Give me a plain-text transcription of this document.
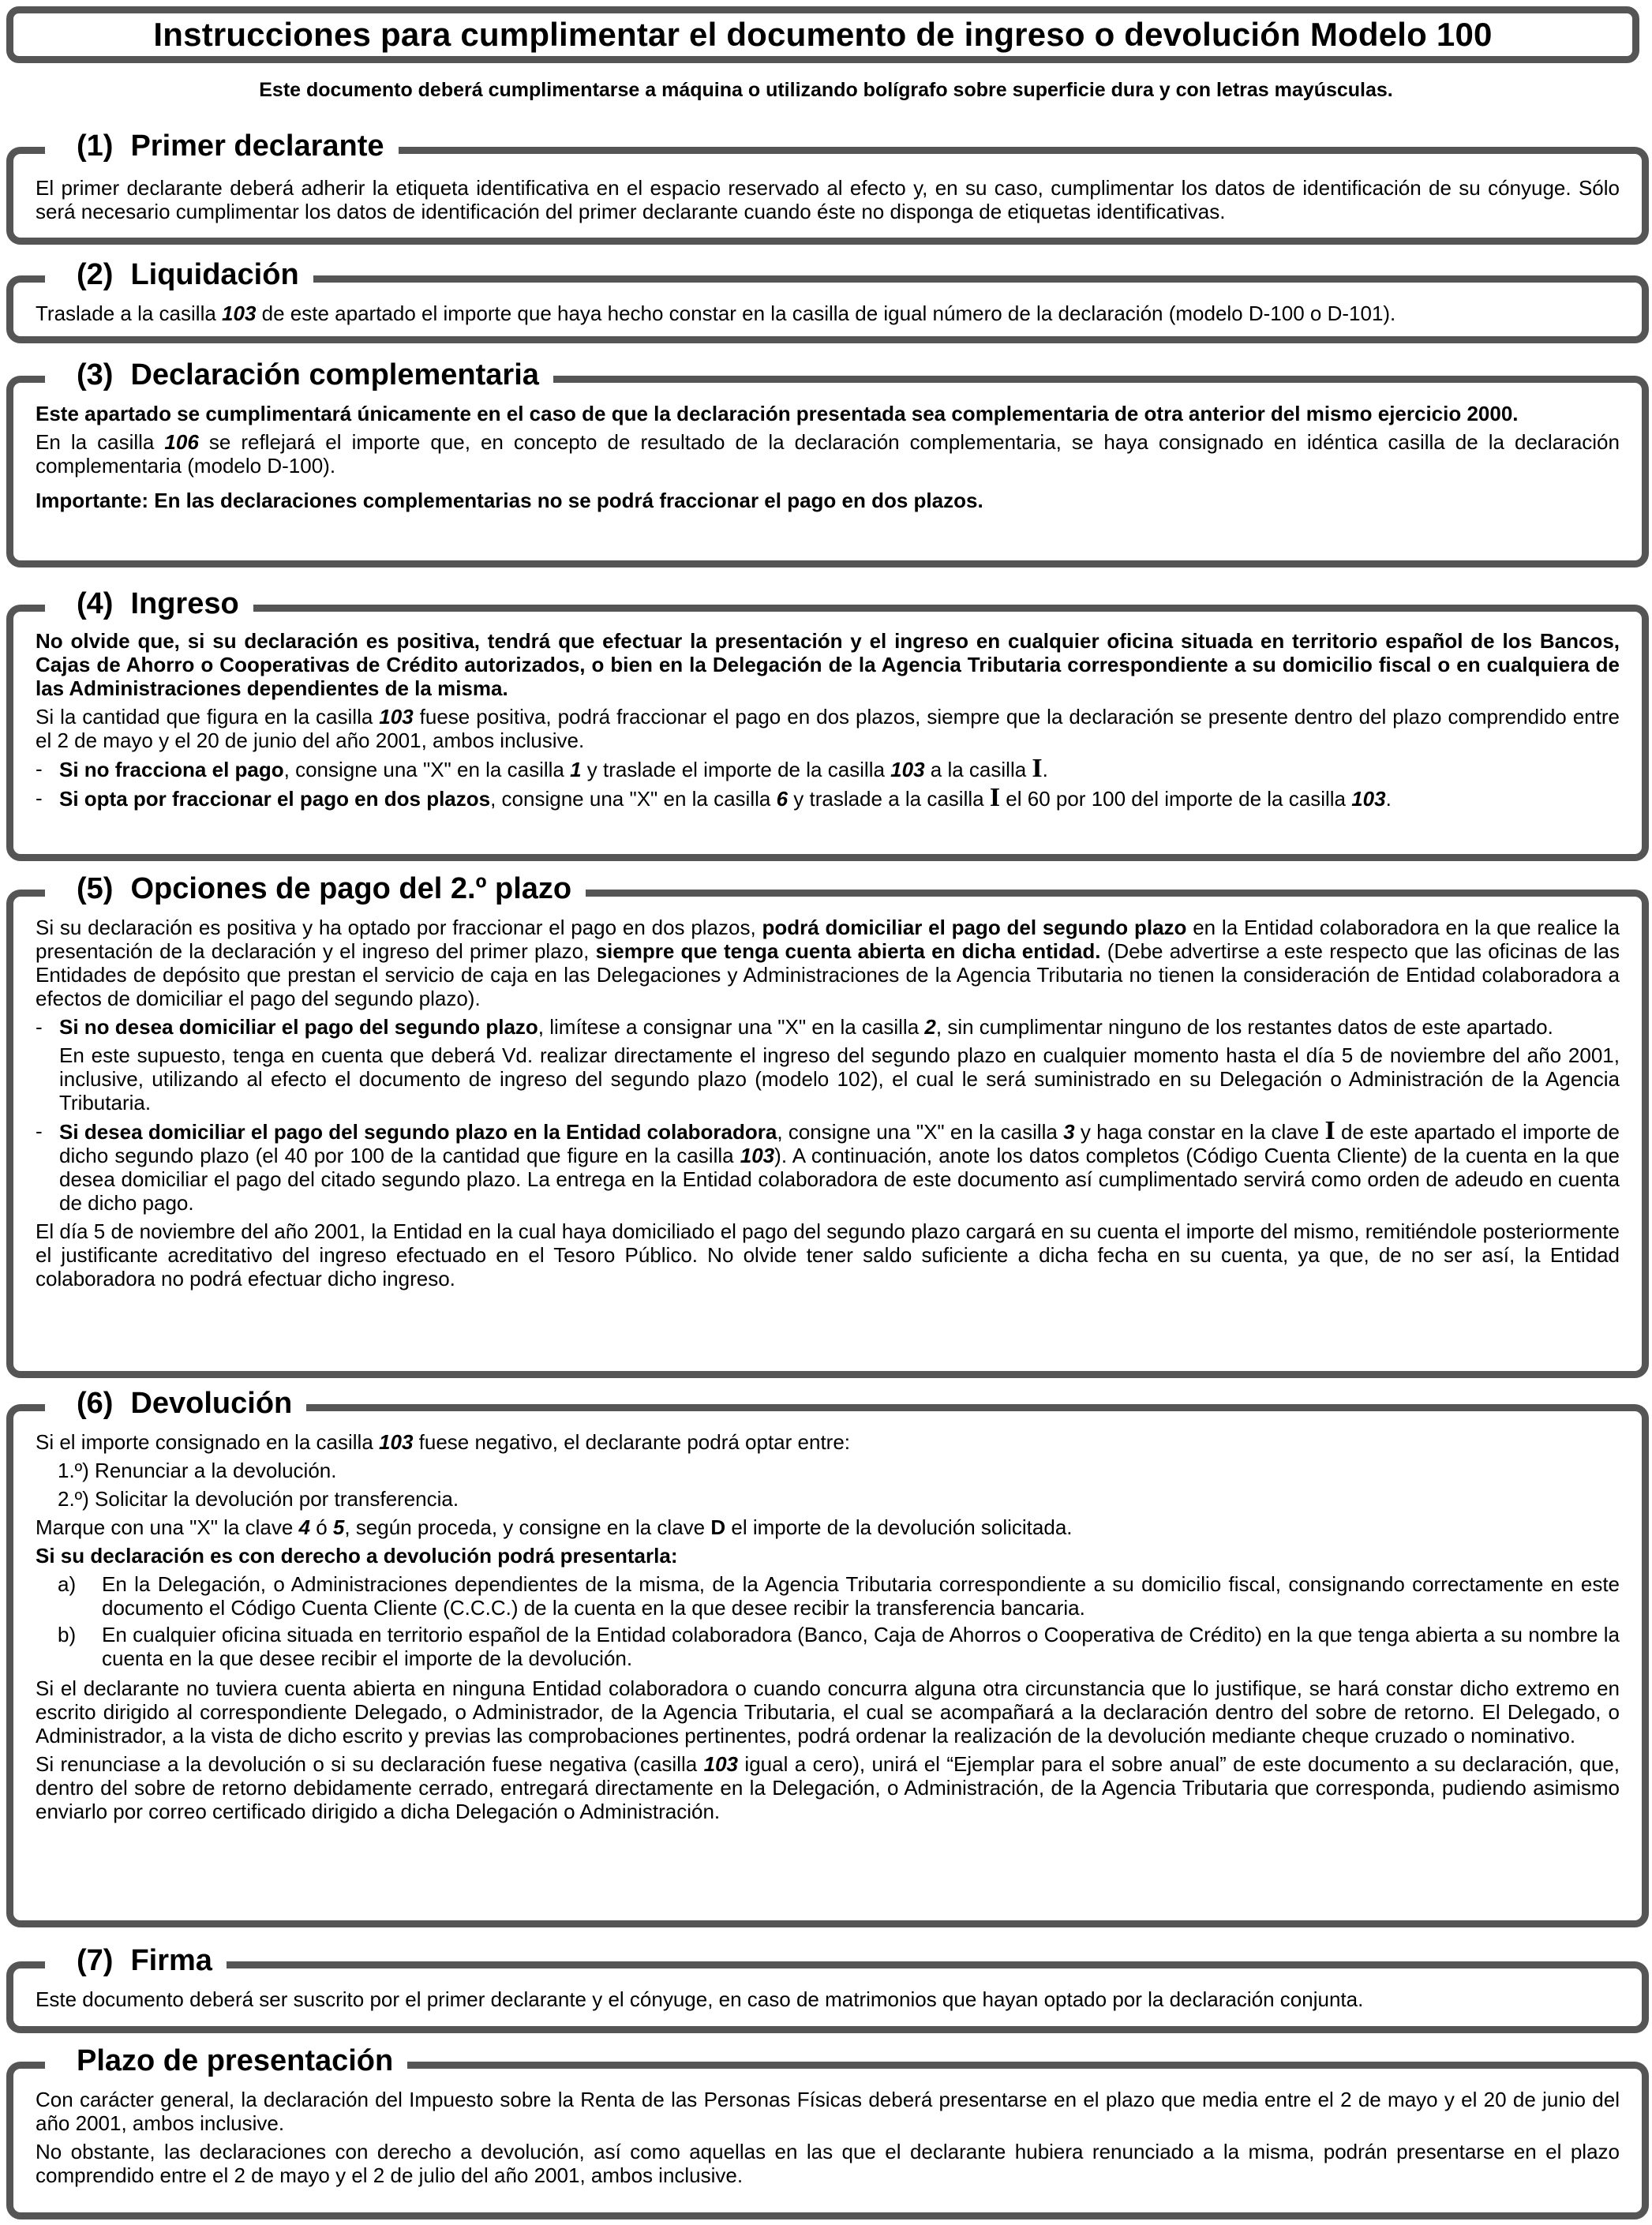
Instrucciones para cumplimentar el documento de ingreso o devolución Modelo 100
Este documento deberá cumplimentarse a máquina o utilizando bolígrafo sobre superficie dura y con letras mayúsculas.
(1) Primer declarante

El primer declarante deberá adherir la etiqueta identificativa en el espacio reservado al efecto y, en su caso, cumplimentar los datos de identificación de su cónyuge. Sólo será necesario cumplimentar los datos de identificación del primer declarante cuando éste no disponga de etiquetas identificativas.

(2) Liquidación

Traslade a la casilla 103 de este apartado el importe que haya hecho constar en la casilla de igual número de la declaración (modelo D-100 o D-101).

(3) Declaración complementaria

Este apartado se cumplimentará únicamente en el caso de que la declaración presentada sea complementaria de otra anterior del mismo ejercicio 2000.

En la casilla 106 se reflejará el importe que, en concepto de resultado de la declaración complementaria, se haya consignado en idéntica casilla de la declaración complementaria (modelo D-100).

Importante: En las declaraciones complementarias no se podrá fraccionar el pago en dos plazos.

(4) Ingreso

No olvide que, si su declaración es positiva, tendrá que efectuar la presentación y el ingreso en cualquier oficina situada en territorio español de los Bancos, Cajas de Ahorro o Cooperativas de Crédito autorizados, o bien en la Delegación de la Agencia Tributaria correspondiente a su domicilio fiscal o en cualquiera de las Administraciones dependientes de la misma.

Si la cantidad que figura en la casilla 103 fuese positiva, podrá fraccionar el pago en dos plazos, siempre que la declaración se presente dentro del plazo comprendido entre el 2 de mayo y el 20 de junio del año 2001, ambos inclusive.

- Si no fracciona el pago, consigne una "X" en la casilla 1 y traslade el importe de la casilla 103 a la casilla I.
- Si opta por fraccionar el pago en dos plazos, consigne una "X" en la casilla 6 y traslade a la casilla I el 60 por 100 del importe de la casilla 103.
(5) Opciones de pago del 2.º plazo

Si su declaración es positiva y ha optado por fraccionar el pago en dos plazos, podrá domiciliar el pago del segundo plazo en la Entidad colaboradora en la que realice la presentación de la declaración y el ingreso del primer plazo, siempre que tenga cuenta abierta en dicha entidad. (Debe advertirse a este respecto que las oficinas de las Entidades de depósito que prestan el servicio de caja en las Delegaciones y Administraciones de la Agencia Tributaria no tienen la consideración de Entidad colaboradora a efectos de domiciliar el pago del segundo plazo).

- Si no desea domiciliar el pago del segundo plazo, limítese a consignar una "X" en la casilla 2, sin cumplimentar ninguno de los restantes datos de este apartado.

En este supuesto, tenga en cuenta que deberá Vd. realizar directamente el ingreso del segundo plazo en cualquier momento hasta el día 5 de noviembre del año 2001, inclusive, utilizando al efecto el documento de ingreso del segundo plazo (modelo 102), el cual le será suministrado en su Delegación o Administración de la Agencia Tributaria.

- Si desea domiciliar el pago del segundo plazo en la Entidad colaboradora, consigne una "X" en la casilla 3 y haga constar en la clave I de este apartado el importe de dicho segundo plazo (el 40 por 100 de la cantidad que figure en la casilla 103). A continuación, anote los datos completos (Código Cuenta Cliente) de la cuenta en la que desea domiciliar el pago del citado segundo plazo. La entrega en la Entidad colaboradora de este documento así cumplimentado servirá como orden de adeudo en cuenta de dicho pago.

El día 5 de noviembre del año 2001, la Entidad en la cual haya domiciliado el pago del segundo plazo cargará en su cuenta el importe del mismo, remitiéndole posteriormente el justificante acreditativo del ingreso efectuado en el Tesoro Público. No olvide tener saldo suficiente a dicha fecha en su cuenta, ya que, de no ser así, la Entidad colaboradora no podrá efectuar dicho ingreso.

(6) Devolución

Si el importe consignado en la casilla 103 fuese negativo, el declarante podrá optar entre:

1.º) Renunciar a la devolución.

2.º) Solicitar la devolución por transferencia.

Marque con una "X" la clave 4 ó 5, según proceda, y consigne en la clave D el importe de la devolución solicitada.

Si su declaración es con derecho a devolución podrá presentarla:

a) En la Delegación, o Administraciones dependientes de la misma, de la Agencia Tributaria correspondiente a su domicilio fiscal, consignando correctamente en este documento el Código Cuenta Cliente (C.C.C.) de la cuenta en la que desee recibir la transferencia bancaria.
b) En cualquier oficina situada en territorio español de la Entidad colaboradora (Banco, Caja de Ahorros o Cooperativa de Crédito) en la que tenga abierta a su nombre la cuenta en la que desee recibir el importe de la devolución.

Si el declarante no tuviera cuenta abierta en ninguna Entidad colaboradora o cuando concurra alguna otra circunstancia que lo justifique, se hará constar dicho extremo en escrito dirigido al correspondiente Delegado, o Administrador, de la Agencia Tributaria, el cual se acompañará a la declaración dentro del sobre de retorno. El Delegado, o Administrador, a la vista de dicho escrito y previas las comprobaciones pertinentes, podrá ordenar la realización de la devolución mediante cheque cruzado o nominativo.

Si renunciase a la devolución o si su declaración fuese negativa (casilla 103 igual a cero), unirá el “Ejemplar para el sobre anual” de este documento a su declaración, que, dentro del sobre de retorno debidamente cerrado, entregará directamente en la Delegación, o Administración, de la Agencia Tributaria que corresponda, pudiendo asimismo enviarlo por correo certificado dirigido a dicha Delegación o Administración.

(7) Firma

Este documento deberá ser suscrito por el primer declarante y el cónyuge, en caso de matrimonios que hayan optado por la declaración conjunta.

Plazo de presentación

Con carácter general, la declaración del Impuesto sobre la Renta de las Personas Físicas deberá presentarse en el plazo que media entre el 2 de mayo y el 20 de junio del año 2001, ambos inclusive.

No obstante, las declaraciones con derecho a devolución, así como aquellas en las que el declarante hubiera renunciado a la misma, podrán presentarse en el plazo comprendido entre el 2 de mayo y el 2 de julio del año 2001, ambos inclusive.
